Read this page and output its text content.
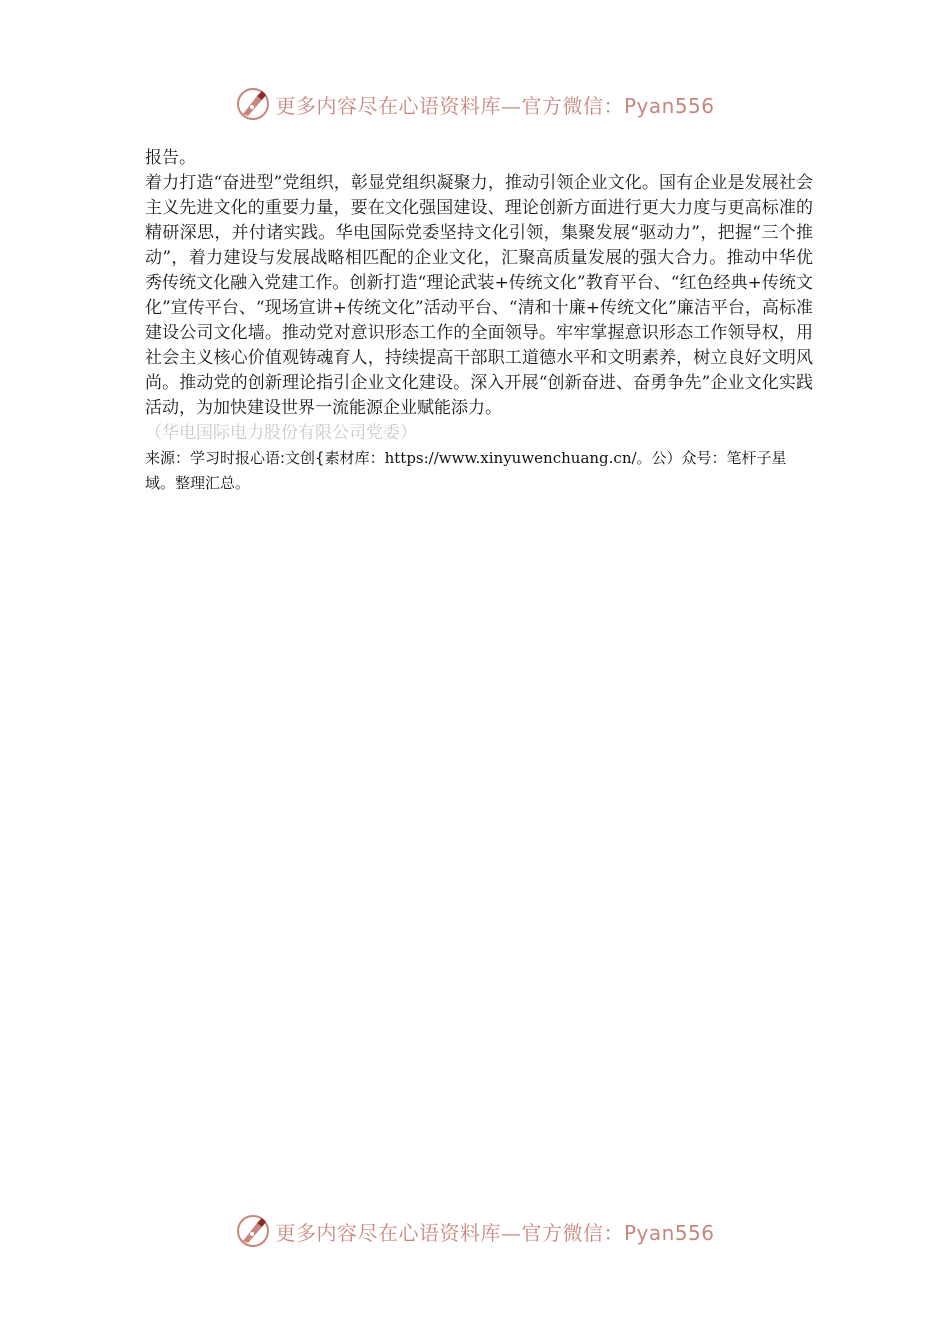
更多内容尽在心语资料库—官方微信：Pyan556

报告。

着力打造“奋进型”党组织，彰显党组织凝聚力，推动引领企业文化。国有企业是发展社会主义先进文化的重要力量，要在文化强国建设、理论创新方面进行更大力度与更高标准的精研深思，并付诸实践。华电国际党委坚持文化引领，集聚发展“驱动力”，把握“三个推动”，着力建设与发展战略相匹配的企业文化，汇聚高质量发展的强大合力。推动中华优秀传统文化融入党建工作。创新打造“理论武装+传统文化”教育平台、“红色经典+传统文化”宣传平台、“现场宣讲+传统文化”活动平台、“清和十廉+传统文化”廉洁平台，高标准建设公司文化墙。推动党对意识形态工作的全面领导。牢牢掌握意识形态工作领导权，用社会主义核心价值观铸魂育人，持续提高干部职工道德水平和文明素养，树立良好文明风尚。推动党的创新理论指引企业文化建设。深入开展“创新奋进、奋勇争先”企业文化实践活动，为加快建设世界一流能源企业赋能添力。

（华电国际电力股份有限公司党委）

来源：学习时报心语:文创{素材库：https://www.xinyuwenchuang.cn/。公）众号：笔杆子星域。整理汇总。

更多内容尽在心语资料库—官方微信：Pyan556
